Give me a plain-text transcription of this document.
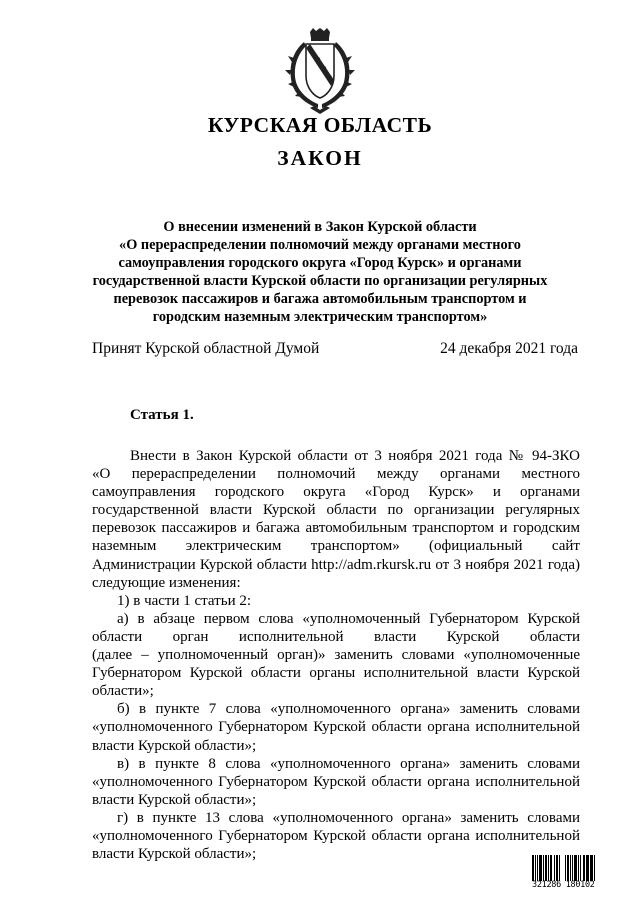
КУРСКАЯ ОБЛАСТЬ
ЗАКОН
О внесении изменений в Закон Курской области
«О перераспределении полномочий между органами местного
самоуправления городского округа «Город Курск» и органами
государственной власти Курской области по организации регулярных
перевозок пассажиров и багажа автомобильным транспортом и
городским наземным электрическим транспортом»
Принят Курской областной Думой	24 декабря 2021 года
Статья 1.
Внести в Закон Курской области от 3 ноября 2021 года № 94-ЗКО
«О перераспределении полномочий между органами местного
самоуправления городского округа «Город Курск» и органами
государственной власти Курской области по организации регулярных
перевозок пассажиров и багажа автомобильным транспортом и городским
наземным электрическим транспортом» (официальный сайт
Администрации Курской области http://adm.rkursk.ru от 3 ноября 2021 года)
следующие изменения:
1) в части 1 статьи 2:
а) в абзаце первом слова «уполномоченный Губернатором Курской
области орган исполнительной власти Курской области
(далее – уполномоченный орган)» заменить словами «уполномоченные
Губернатором Курской области органы исполнительной власти Курской
области»;
б) в пункте 7 слова «уполномоченного органа» заменить словами
«уполномоченного Губернатором Курской области органа исполнительной
власти Курской области»;
в) в пункте 8 слова «уполномоченного органа» заменить словами
«уполномоченного Губернатором Курской области органа исполнительной
власти Курской области»;
г) в пункте 13 слова «уполномоченного органа» заменить словами
«уполномоченного Губернатором Курской области органа исполнительной
власти Курской области»;
321286 180102
